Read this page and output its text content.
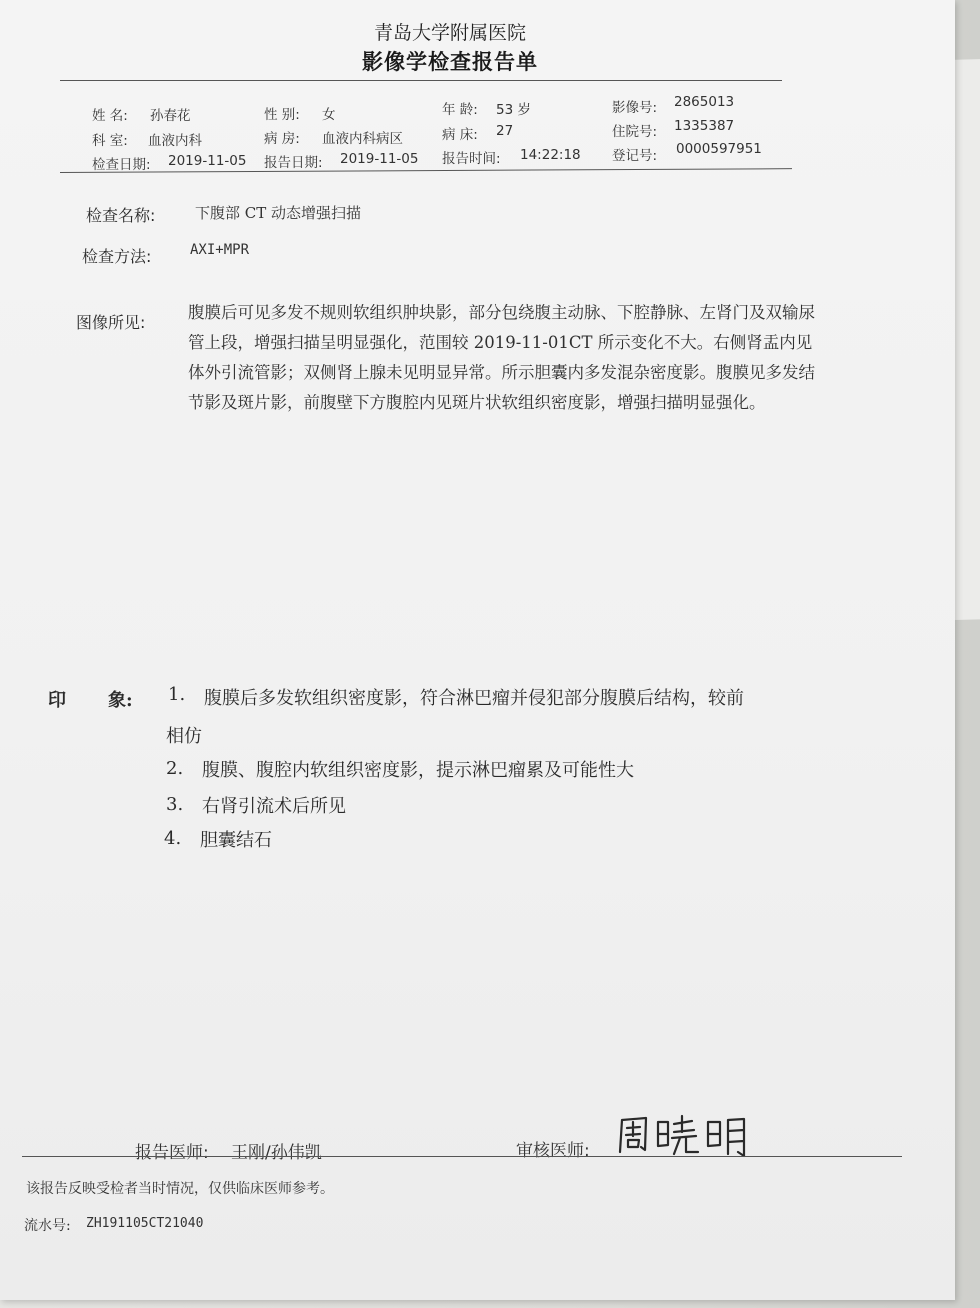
青岛大学附属医院
影像学检查报告单
姓 名: 孙春花	性 别: 女	年 龄: 53 岁	影像号: 2865013
科 室: 血液内科	病 房: 血液内科病区	病 床: 27	住院号: 1335387
检查日期: 2019-11-05 报告日期: 2019-11-05 报告时间: 14:22:18 登记号: 0000597951
检查名称:	下腹部 CT 动态增强扫描
检查方法:	AXI+MPR
图像所见:
腹膜后可见多发不规则软组织肿块影，部分包绕腹主动脉、下腔静脉、左肾门及双输尿管上段，增强扫描呈明显强化，范围较 2019-11-01CT 所示变化不大。右侧肾盂内见体外引流管影；双侧肾上腺未见明显异常。所示胆囊内多发混杂密度影。腹膜见多发结节影及斑片影，前腹壁下方腹腔内见斑片状软组织密度影，增强扫描明显强化。
印 象: 1. 腹膜后多发软组织密度影，符合淋巴瘤并侵犯部分腹膜后结构，较前
相仿
2. 腹膜、腹腔内软组织密度影，提示淋巴瘤累及可能性大
3. 右肾引流术后所见
4. 胆囊结石
报告医师: 王刚/孙伟凯	审核医师:
该报告反映受检者当时情况，仅供临床医师参考。
流水号: ZH191105CT21040
